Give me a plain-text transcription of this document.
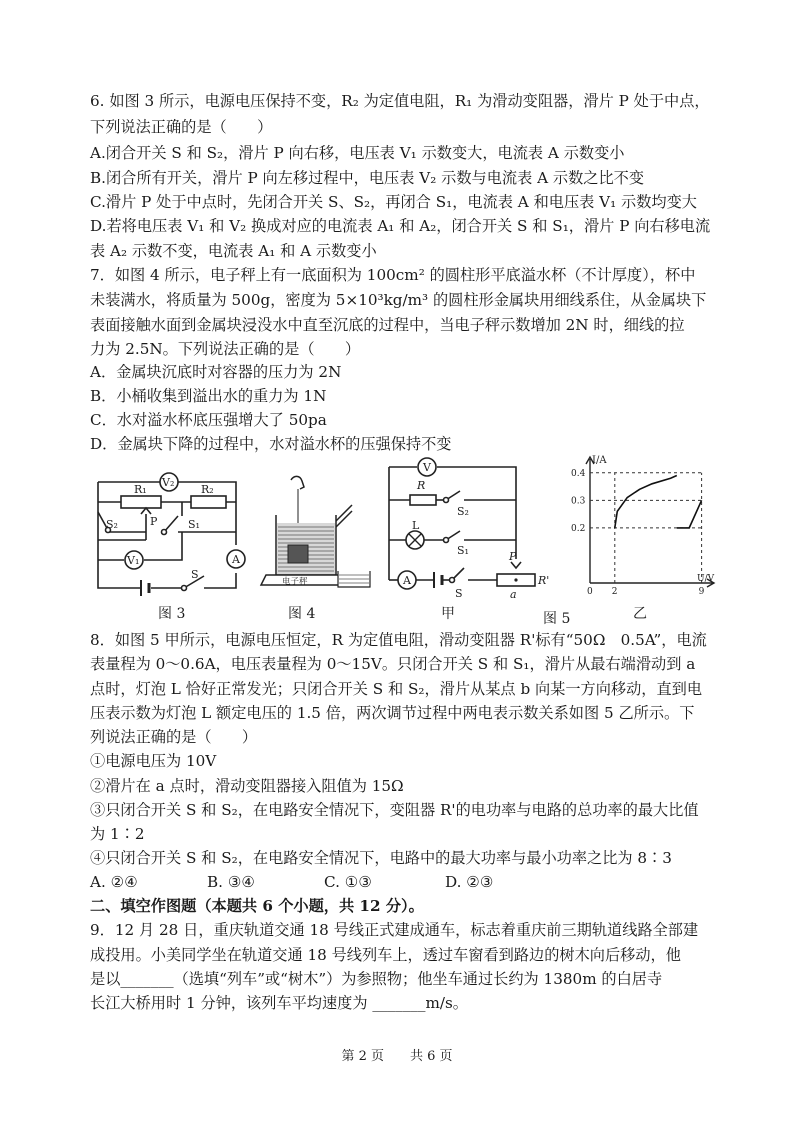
6. 如图 3 所示，电源电压保持不变，R₂ 为定值电阻，R₁ 为滑动变阻器，滑片 P 处于中点，
下列说法正确的是（　　）
A.闭合开关 S 和 S₂，滑片 P 向右移，电压表 V₁ 示数变大，电流表 A 示数变小
B.闭合所有开关，滑片 P 向左移过程中，电压表 V₂ 示数与电流表 A 示数之比不变
C.滑片 P 处于中点时，先闭合开关 S、S₂，再闭合 S₁，电流表 A 和电压表 V₁ 示数均变大
D.若将电压表 V₁ 和 V₂ 换成对应的电流表 A₁ 和 A₂，闭合开关 S 和 S₁，滑片 P 向右移电流
表 A₂ 示数不变，电流表 A₁ 和 A 示数变小
7．如图 4 所示，电子秤上有一底面积为 100cm² 的圆柱形平底溢水杯（不计厚度），杯中
未装满水，将质量为 500g，密度为 5×10³kg/m³ 的圆柱形金属块用细线系住，从金属块下
表面接触水面到金属块浸没水中直至沉底的过程中，当电子秤示数增加 2N 时，细线的拉
力为 2.5N。下列说法正确的是（　　）
A．金属块沉底时对容器的压力为 2N
B．小桶收集到溢出水的重力为 1N
C．水对溢水杯底压强增大了 50pa
D．金属块下降的过程中，水对溢水杯的压强保持不变
V₂
R₁	R₂
S₂	P	S₁
A
V₁
S
图 3
电子秤
图 4
V
R
S₂
L
S₁
A
S
P
R'
a
甲	图 5
0.2
0.3
0.4
0 2	9
I/A
U/V
乙
8．如图 5 甲所示，电源电压恒定，R 为定值电阻，滑动变阻器 R'标有“50Ω　0.5A”，电流
表量程为 0～0.6A，电压表量程为 0～15V。只闭合开关 S 和 S₁，滑片从最右端滑动到 a
点时，灯泡 L 恰好正常发光；只闭合开关 S 和 S₂，滑片从某点 b 向某一方向移动，直到电
压表示数为灯泡 L 额定电压的 1.5 倍，两次调节过程中两电表示数关系如图 5 乙所示。下
列说法正确的是（　　）
①电源电压为 10V
②滑片在 a 点时，滑动变阻器接入阻值为 15Ω
③只闭合开关 S 和 S₂，在电路安全情况下，变阻器 R'的电功率与电路的总功率的最大比值
为 1∶2
④只闭合开关 S 和 S₂，在电路安全情况下，电路中的最大功率与最小功率之比为 8∶3
A. ②④	B. ③④	C. ①③	D. ②③
二、填空作图题（本题共 6 个小题，共 12 分）。
9．12 月 28 日，重庆轨道交通 18 号线正式建成通车，标志着重庆前三期轨道线路全部建
成投用。小美同学坐在轨道交通 18 号线列车上，透过车窗看到路边的树木向后移动，他
是以_______（选填“列车”或“树木”）为参照物；他坐车通过长约为 1380m 的白居寺
长江大桥用时 1 分钟，该列车平均速度为 _______m/s。
第 2 页　　共 6 页
